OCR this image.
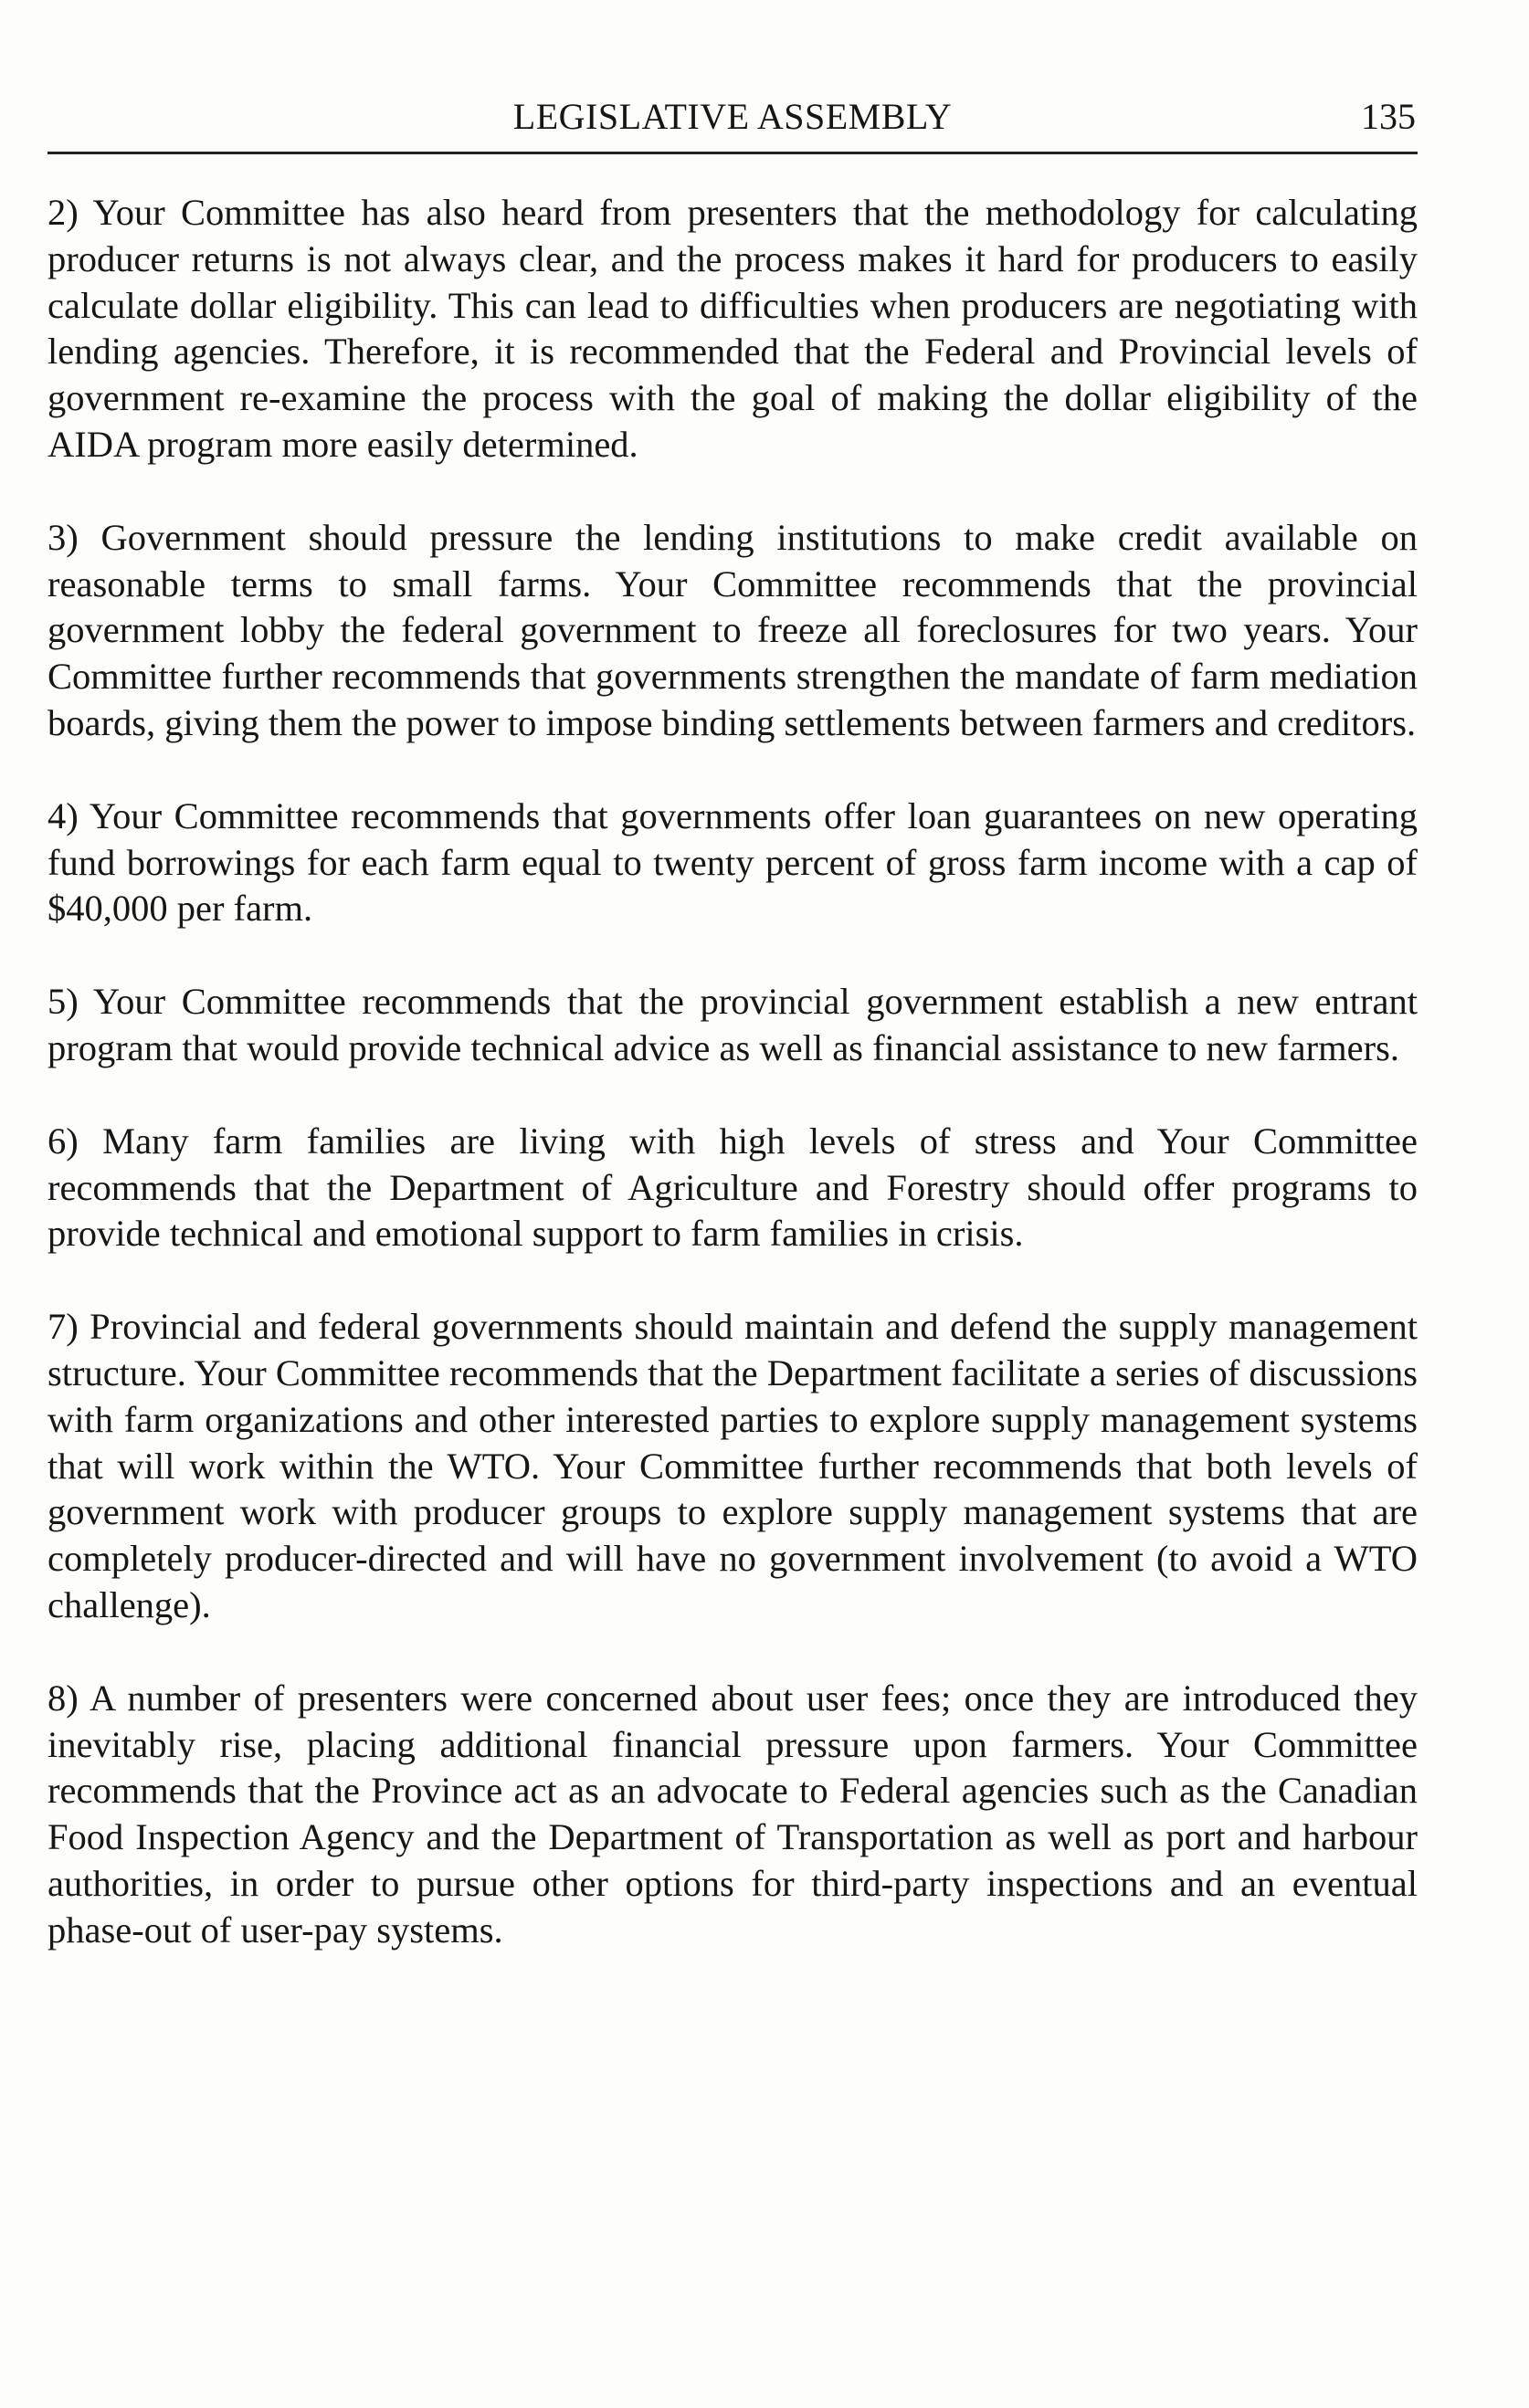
LEGISLATIVE ASSEMBLY	135

2) Your Committee has also heard from presenters that the methodology for calculating producer returns is not always clear, and the process makes it hard for producers to easily calculate dollar eligibility. This can lead to difficulties when producers are negotiating with lending agencies. Therefore, it is recommended that the Federal and Provincial levels of government re-examine the process with the goal of making the dollar eligibility of the AIDA program more easily determined.

3) Government should pressure the lending institutions to make credit available on reasonable terms to small farms. Your Committee recommends that the provincial government lobby the federal government to freeze all foreclosures for two years. Your Committee further recommends that governments strengthen the mandate of farm mediation boards, giving them the power to impose binding settlements between farmers and creditors.

4) Your Committee recommends that governments offer loan guarantees on new operating fund borrowings for each farm equal to twenty percent of gross farm income with a cap of $40,000 per farm.

5) Your Committee recommends that the provincial government establish a new entrant program that would provide technical advice as well as financial assistance to new farmers.

6) Many farm families are living with high levels of stress and Your Committee recommends that the Department of Agriculture and Forestry should offer programs to provide technical and emotional support to farm families in crisis.

7) Provincial and federal governments should maintain and defend the supply management structure. Your Committee recommends that the Department facilitate a series of discussions with farm organizations and other interested parties to explore supply management systems that will work within the WTO. Your Committee further recommends that both levels of government work with producer groups to explore supply management systems that are completely producer-directed and will have no government involvement (to avoid a WTO challenge).

8) A number of presenters were concerned about user fees; once they are introduced they inevitably rise, placing additional financial pressure upon farmers. Your Committee recommends that the Province act as an advocate to Federal agencies such as the Canadian Food Inspection Agency and the Department of Transportation as well as port and harbour authorities, in order to pursue other options for third-party inspections and an eventual phase-out of user-pay systems.
